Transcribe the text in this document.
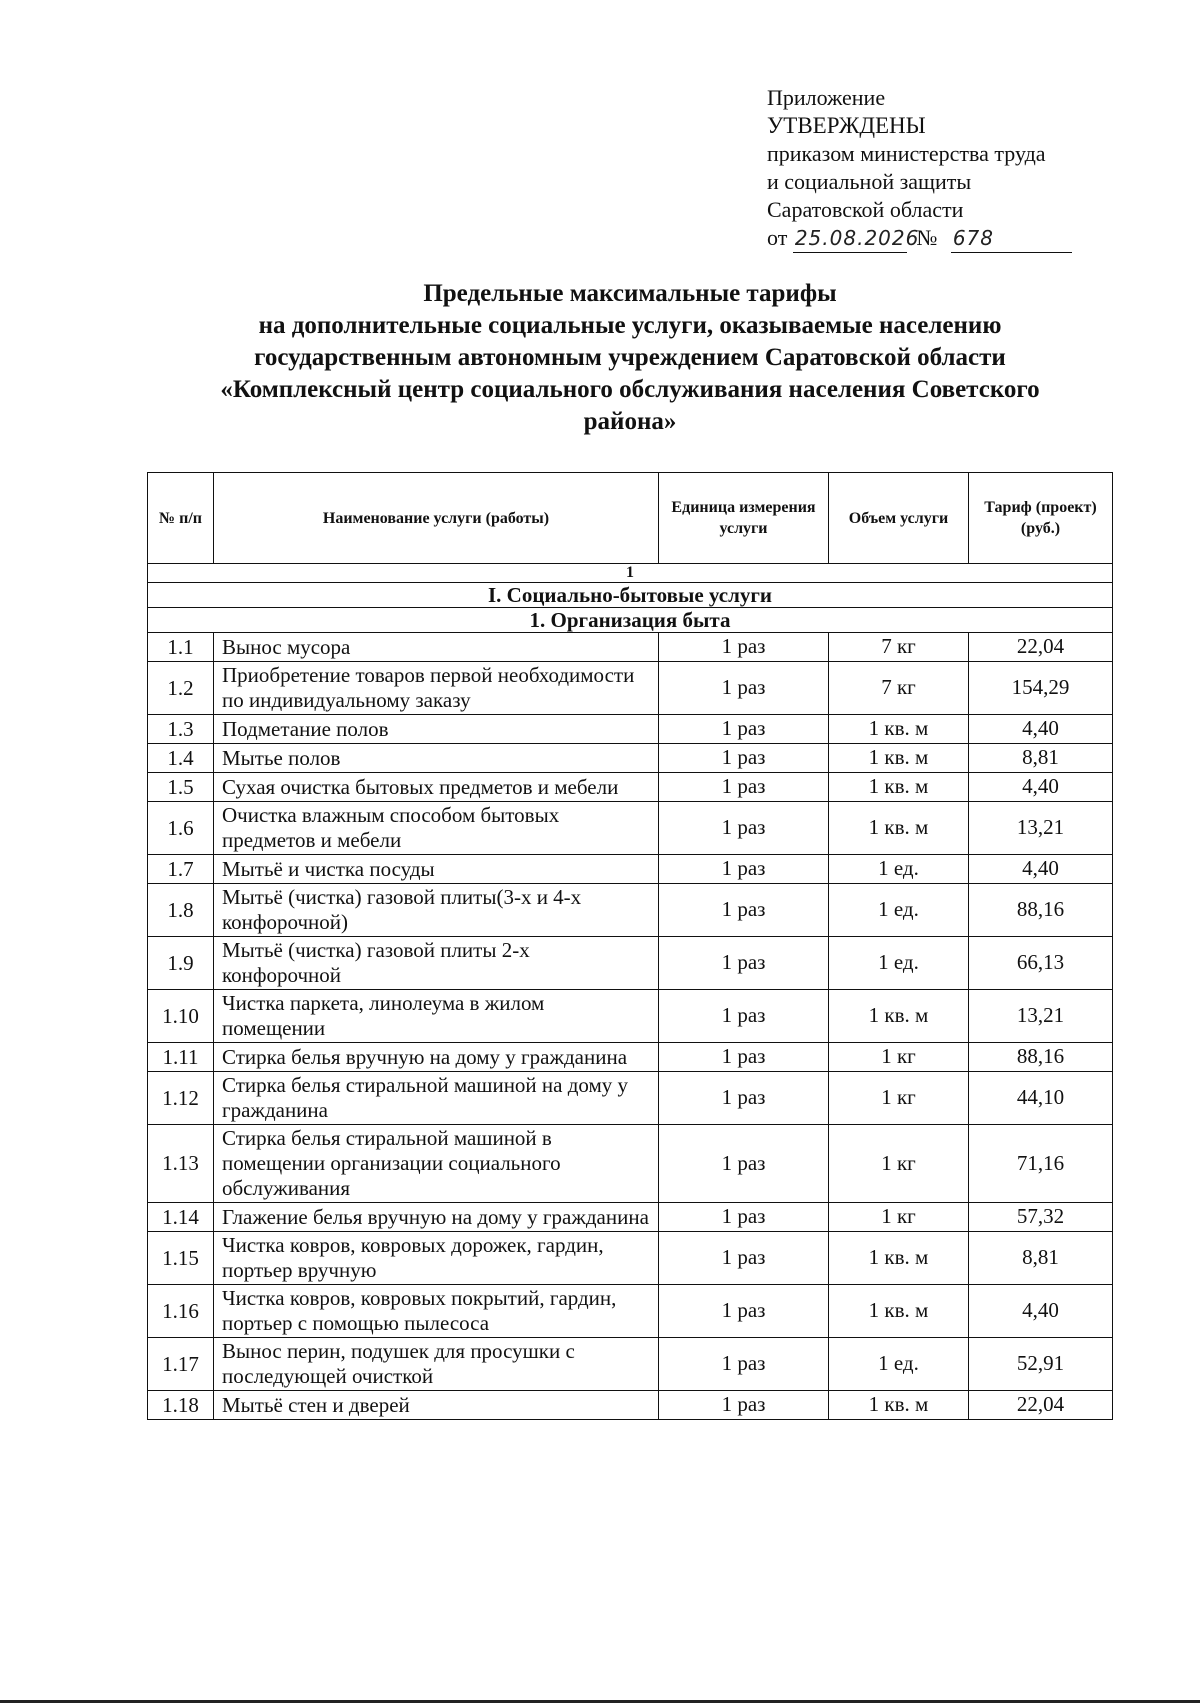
Приложение
УТВЕРЖДЕНЫ
приказом министерства труда
и социальной защиты
Саратовской области
от 25.08.2026 № 678
Предельные максимальные тарифы
на дополнительные социальные услуги, оказываемые населению
государственным автономным учреждением Саратовской области
«Комплексный центр социального обслуживания населения Советского
района»
№ п/п	Наименование услуги (работы)	Единица измерения услуги	Объем услуги	Тариф (проект) (руб.)
1				
I. Социально-бытовые услуги				
1. Организация быта				
1.1	Вынос мусора	1 раз	7 кг	22,04
1.2	Приобретение товаров первой необходимости по индивидуальному заказу	1 раз	7 кг	154,29
1.3	Подметание полов	1 раз	1 кв. м	4,40
1.4	Мытье полов	1 раз	1 кв. м	8,81
1.5	Сухая очистка бытовых предметов и мебели	1 раз	1 кв. м	4,40
1.6	Очистка влажным способом бытовых предметов и мебели	1 раз	1 кв. м	13,21
1.7	Мытьё и чистка посуды	1 раз	1 ед.	4,40
1.8	Мытьё (чистка) газовой плиты(3-х и 4-х конфорочной)	1 раз	1 ед.	88,16
1.9	Мытьё (чистка) газовой плиты 2-х конфорочной	1 раз	1 ед.	66,13
1.10	Чистка паркета, линолеума в жилом помещении	1 раз	1 кв. м	13,21
1.11	Стирка белья вручную на дому у гражданина	1 раз	1 кг	88,16
1.12	Стирка белья стиральной машиной на дому у гражданина	1 раз	1 кг	44,10
1.13	Стирка белья стиральной машиной в помещении организации социального обслуживания	1 раз	1 кг	71,16
1.14	Глажение белья вручную на дому у гражданина	1 раз	1 кг	57,32
1.15	Чистка ковров, ковровых дорожек, гардин, портьер вручную	1 раз	1 кв. м	8,81
1.16	Чистка ковров, ковровых покрытий, гардин, портьер с помощью пылесоса	1 раз	1 кв. м	4,40
1.17	Вынос перин, подушек для просушки с последующей очисткой	1 раз	1 ед.	52,91
1.18	Мытьё стен и дверей	1 раз	1 кв. м	22,04
